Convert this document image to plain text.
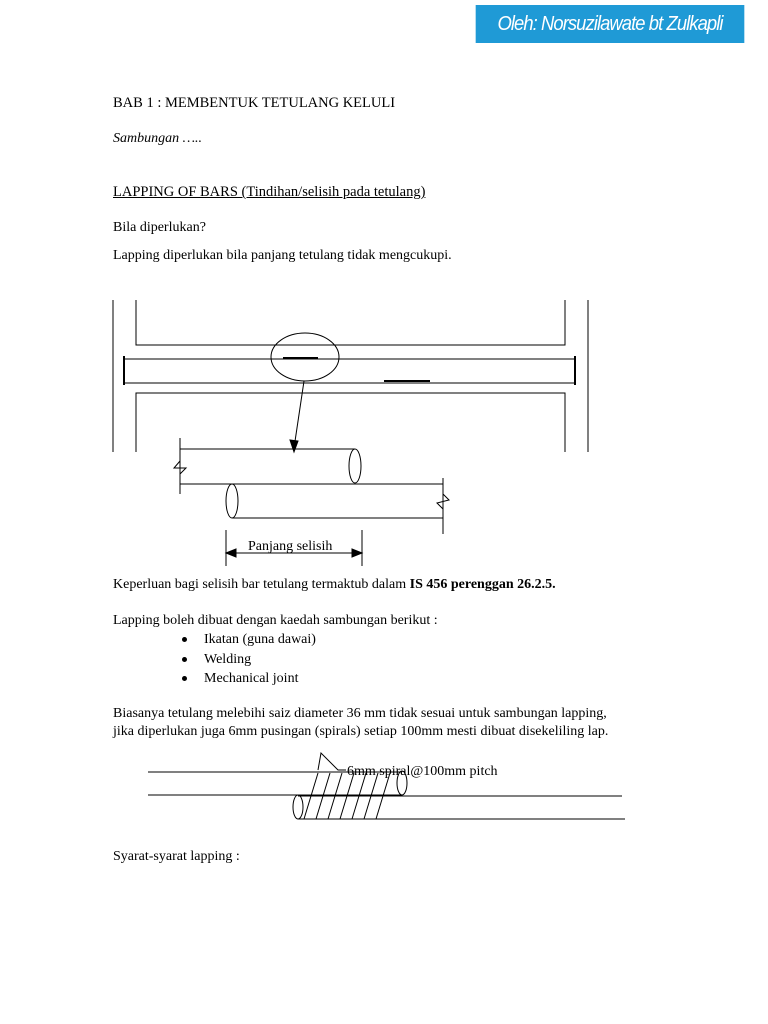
Oleh: Norsuzilawate bt Zulkapli
BAB 1 : MEMBENTUK TETULANG KELULI
Sambungan …..
LAPPING OF BARS (Tindihan/selisih pada tetulang)
Bila diperlukan?
Lapping diperlukan bila panjang tetulang tidak mengcukupi.
Panjang selisih
Keperluan bagi selisih bar tetulang termaktub dalam IS 456 perenggan 26.2.5.
Lapping boleh dibuat dengan kaedah sambungan berikut :
Ikatan (guna dawai)
Welding
Mechanical joint
Biasanya tetulang melebihi saiz diameter 36 mm tidak sesuai untuk sambungan lapping,
jika diperlukan juga 6mm pusingan (spirals) setiap 100mm mesti dibuat disekeliling lap.
6mm spiral@100mm pitch
Syarat-syarat lapping :
